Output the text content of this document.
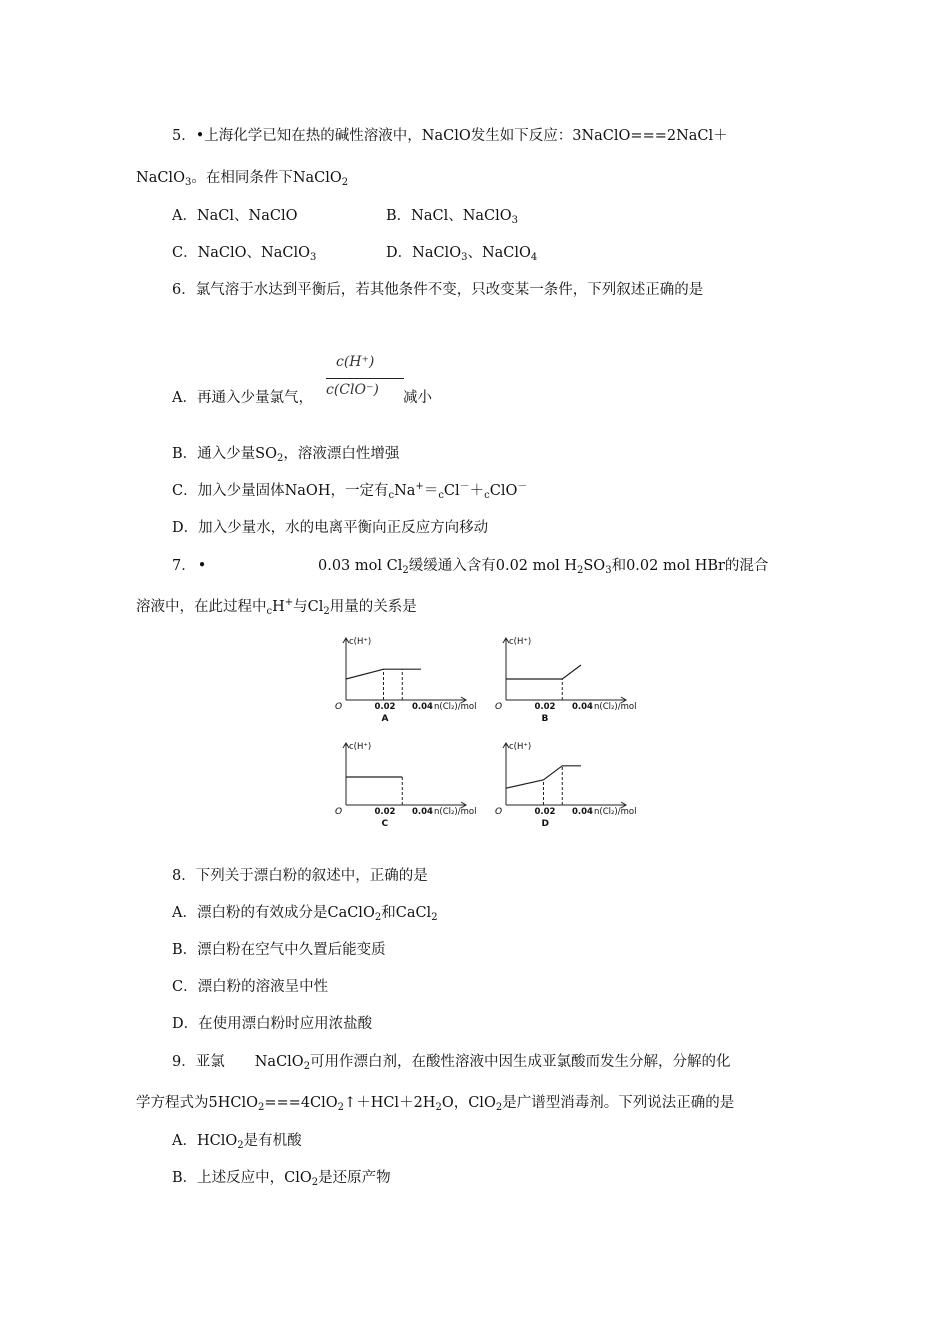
5．•上海化学已知在热的碱性溶液中，NaClO发生如下反应：3NaClO===2NaCl＋
NaClO$_3$。在相同条件下NaClO$_2$
A．NaCl、NaClO	B．NaCl、NaClO$_3$
C．NaClO、NaClO$_3$	D．NaClO$_3$、NaClO$_4$
6．氯气溶于水达到平衡后，若其他条件不变，只改变某一条件，下列叙述正确的是
A．再通入少量氯气，
c(H⁺)
c(ClO⁻) 减小
B．通入少量$SO_2$，溶液漂白性增强
C．加入少量固体NaOH，一定有$_cNa^+=_cCl^-+_cClO^-$
D．加入少量水，水的电离平衡向正反应方向移动
7． •	0.03 mol $Cl_2$缓缓通入含有0.02 mol $H_2SO_3$和0.02 mol HBr的混合
溶液中，在此过程中$_c$H+与$Cl_2$用量的关系是
c(H⁺)
n(Cl₂)/mol
O	0.02 0.04
A
c(H⁺)
n(Cl₂)/mol
O	0.02 0.04
B
c(H⁺)
n(Cl₂)/mol
O	0.02 0.04
C
c(H⁺)
n(Cl₂)/mol
O	0.02 0.04
D
8．下列关于漂白粉的叙述中，正确的是
A．漂白粉的有效成分是CaClO$_2$和CaCl$_2$
B．漂白粉在空气中久置后能变质
C．漂白粉的溶液呈中性
D．在使用漂白粉时应用浓盐酸
9．亚氯 NaClO$_2$可用作漂白剂，在酸性溶液中因生成亚氯酸而发生分解，分解的化
学方程式为$5HClO_2===4ClO_2↑+HCl+2H_2O$，ClO$_2$是广谱型消毒剂。下列说法正确的是
A．HClO$_2$是有机酸
B．上述反应中，ClO$_2$是还原产物
